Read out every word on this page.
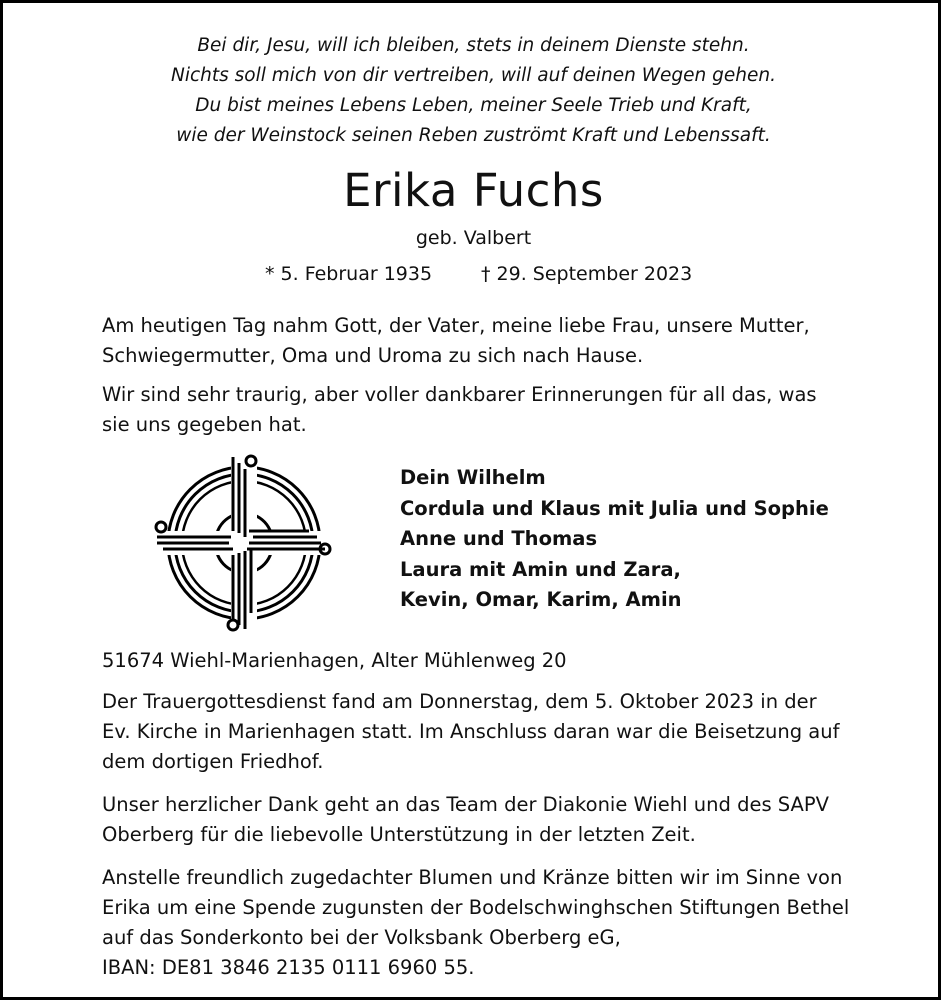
Bei dir, Jesu, will ich bleiben, stets in deinem Dienste stehn.
Nichts soll mich von dir vertreiben, will auf deinen Wegen gehen.
Du bist meines Lebens Leben, meiner Seele Trieb und Kraft,
wie der Weinstock seinen Reben zuströmt Kraft und Lebenssaft.
Erika Fuchs
geb. Valbert
* 5. Februar 1935	† 29. September 2023
Am heutigen Tag nahm Gott, der Vater, meine liebe Frau, unsere Mutter,
Schwiegermutter, Oma und Uroma zu sich nach Hause.
Wir sind sehr traurig, aber voller dankbarer Erinnerungen für all das, was
sie uns gegeben hat.
Dein Wilhelm
Cordula und Klaus mit Julia und Sophie
Anne und Thomas
Laura mit Amin und Zara,
Kevin, Omar, Karim, Amin
51674 Wiehl-Marienhagen, Alter Mühlenweg 20
Der Trauergottesdienst fand am Donnerstag, dem 5. Oktober 2023 in der
Ev. Kirche in Marienhagen statt. Im Anschluss daran war die Beisetzung auf
dem dortigen Friedhof.
Unser herzlicher Dank geht an das Team der Diakonie Wiehl und des SAPV
Oberberg für die liebevolle Unterstützung in der letzten Zeit.
Anstelle freundlich zugedachter Blumen und Kränze bitten wir im Sinne von
Erika um eine Spende zugunsten der Bodelschwinghschen Stiftungen Bethel
auf das Sonderkonto bei der Volksbank Oberberg eG,
IBAN: DE81 3846 2135 0111 6960 55.
